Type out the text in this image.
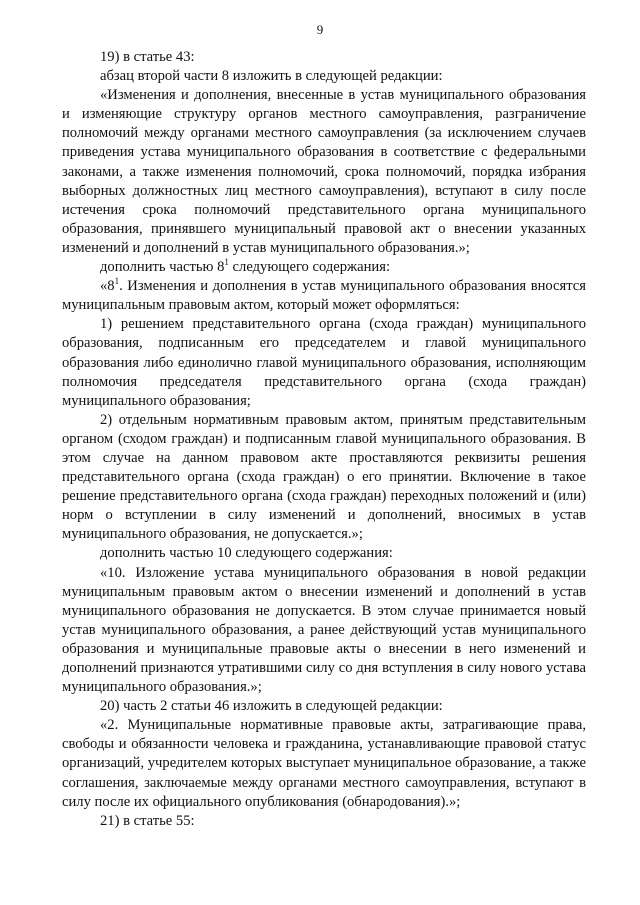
9

19) в статье 43:

абзац второй части 8 изложить в следующей редакции:

«Изменения и дополнения, внесенные в устав муниципального образования и изменяющие структуру органов местного самоуправления, разграничение полномочий между органами местного самоуправления (за исключением случаев приведения устава муниципального образования в соответствие с федеральными законами, а также изменения полномочий, срока полномочий, порядка избрания выборных должностных лиц местного самоуправления), вступают в силу после истечения срока полномочий представительного органа муниципального образования, принявшего муниципальный правовой акт о внесении указанных изменений и дополнений в устав муниципального образования.»;

дополнить частью $8^1$ следующего содержания:

«$8^1$. Изменения и дополнения в устав муниципального образования вносятся муниципальным правовым актом, который может оформляться:

1) решением представительного органа (схода граждан) муниципального образования, подписанным его председателем и главой муниципального образования либо единолично главой муниципального образования, исполняющим полномочия председателя представительного органа (схода граждан) муниципального образования;

2) отдельным нормативным правовым актом, принятым представительным органом (сходом граждан) и подписанным главой муниципального образования. В этом случае на данном правовом акте проставляются реквизиты решения представительного органа (схода граждан) о его принятии. Включение в такое решение представительного органа (схода граждан) переходных положений и (или) норм о вступлении в силу изменений и дополнений, вносимых в устав муниципального образования, не допускается.»;

дополнить частью 10 следующего содержания:

«10. Изложение устава муниципального образования в новой редакции муниципальным правовым актом о внесении изменений и дополнений в устав муниципального образования не допускается. В этом случае принимается новый устав муниципального образования, а ранее действующий устав муниципального образования и муниципальные правовые акты о внесении в него изменений и дополнений признаются утратившими силу со дня вступления в силу нового устава муниципального образования.»;

20) часть 2 статьи 46 изложить в следующей редакции:

«2. Муниципальные нормативные правовые акты, затрагивающие права, свободы и обязанности человека и гражданина, устанавливающие правовой статус организаций, учредителем которых выступает муниципальное образование, а также соглашения, заключаемые между органами местного самоуправления, вступают в силу после их официального опубликования (обнародования).»;

21) в статье 55:
